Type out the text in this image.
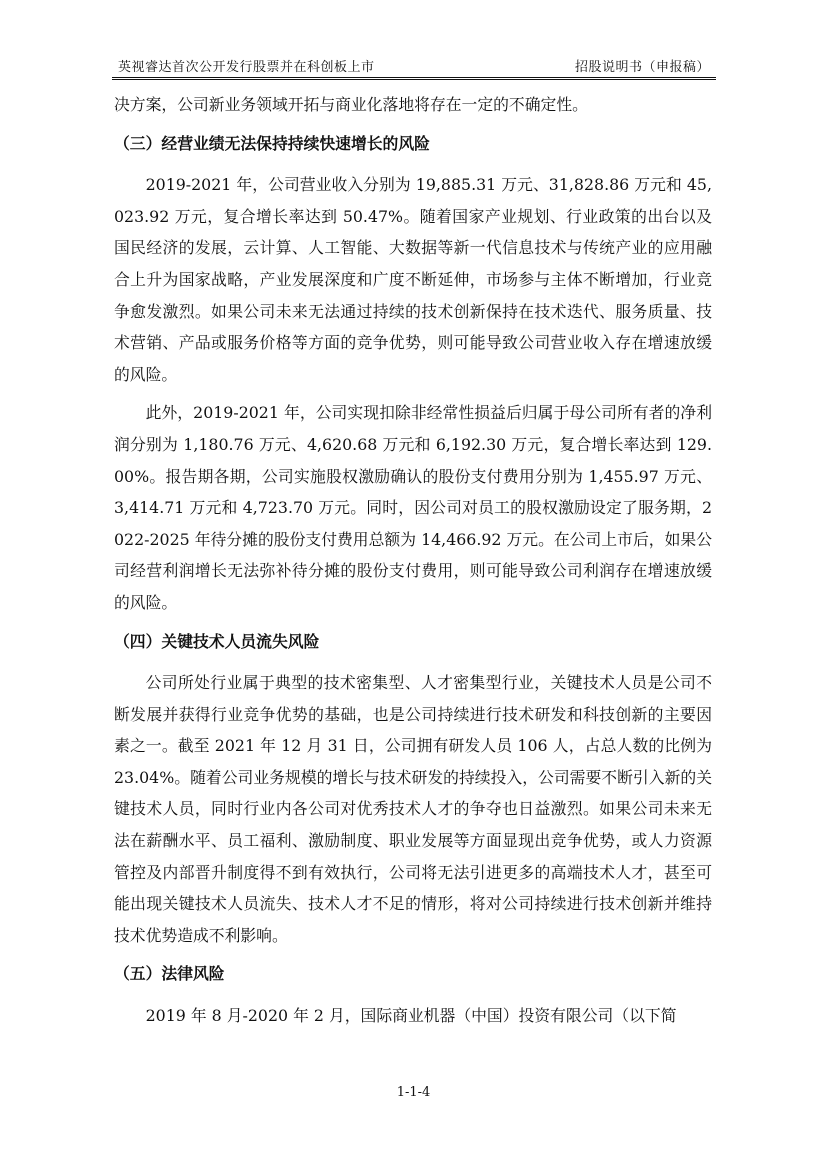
英视睿达首次公开发行股票并在科创板上市	招股说明书（申报稿）

决方案，公司新业务领域开拓与商业化落地将存在一定的不确定性。

（三）经营业绩无法保持持续快速增长的风险

2019-2021 年，公司营业收入分别为 19,885.31 万元、31,828.86 万元和 45,023.92 万元，复合增长率达到 50.47%。随着国家产业规划、行业政策的出台以及国民经济的发展，云计算、人工智能、大数据等新一代信息技术与传统产业的应用融合上升为国家战略，产业发展深度和广度不断延伸，市场参与主体不断增加，行业竞争愈发激烈。如果公司未来无法通过持续的技术创新保持在技术迭代、服务质量、技术营销、产品或服务价格等方面的竞争优势，则可能导致公司营业收入存在增速放缓的风险。

此外，2019-2021 年，公司实现扣除非经常性损益后归属于母公司所有者的净利润分别为 1,180.76 万元、4,620.68 万元和 6,192.30 万元，复合增长率达到 129.00%。报告期各期，公司实施股权激励确认的股份支付费用分别为 1,455.97 万元、3,414.71 万元和 4,723.70 万元。同时，因公司对员工的股权激励设定了服务期，2022-2025 年待分摊的股份支付费用总额为 14,466.92 万元。在公司上市后，如果公司经营利润增长无法弥补待分摊的股份支付费用，则可能导致公司利润存在增速放缓的风险。

（四）关键技术人员流失风险

公司所处行业属于典型的技术密集型、人才密集型行业，关键技术人员是公司不断发展并获得行业竞争优势的基础，也是公司持续进行技术研发和科技创新的主要因素之一。截至 2021 年 12 月 31 日，公司拥有研发人员 106 人，占总人数的比例为 23.04%。随着公司业务规模的增长与技术研发的持续投入，公司需要不断引入新的关键技术人员，同时行业内各公司对优秀技术人才的争夺也日益激烈。如果公司未来无法在薪酬水平、员工福利、激励制度、职业发展等方面显现出竞争优势，或人力资源管控及内部晋升制度得不到有效执行，公司将无法引进更多的高端技术人才，甚至可能出现关键技术人员流失、技术人才不足的情形，将对公司持续进行技术创新并维持技术优势造成不利影响。

（五）法律风险

2019 年 8 月-2020 年 2 月，国际商业机器（中国）投资有限公司（以下简

1-1-4
